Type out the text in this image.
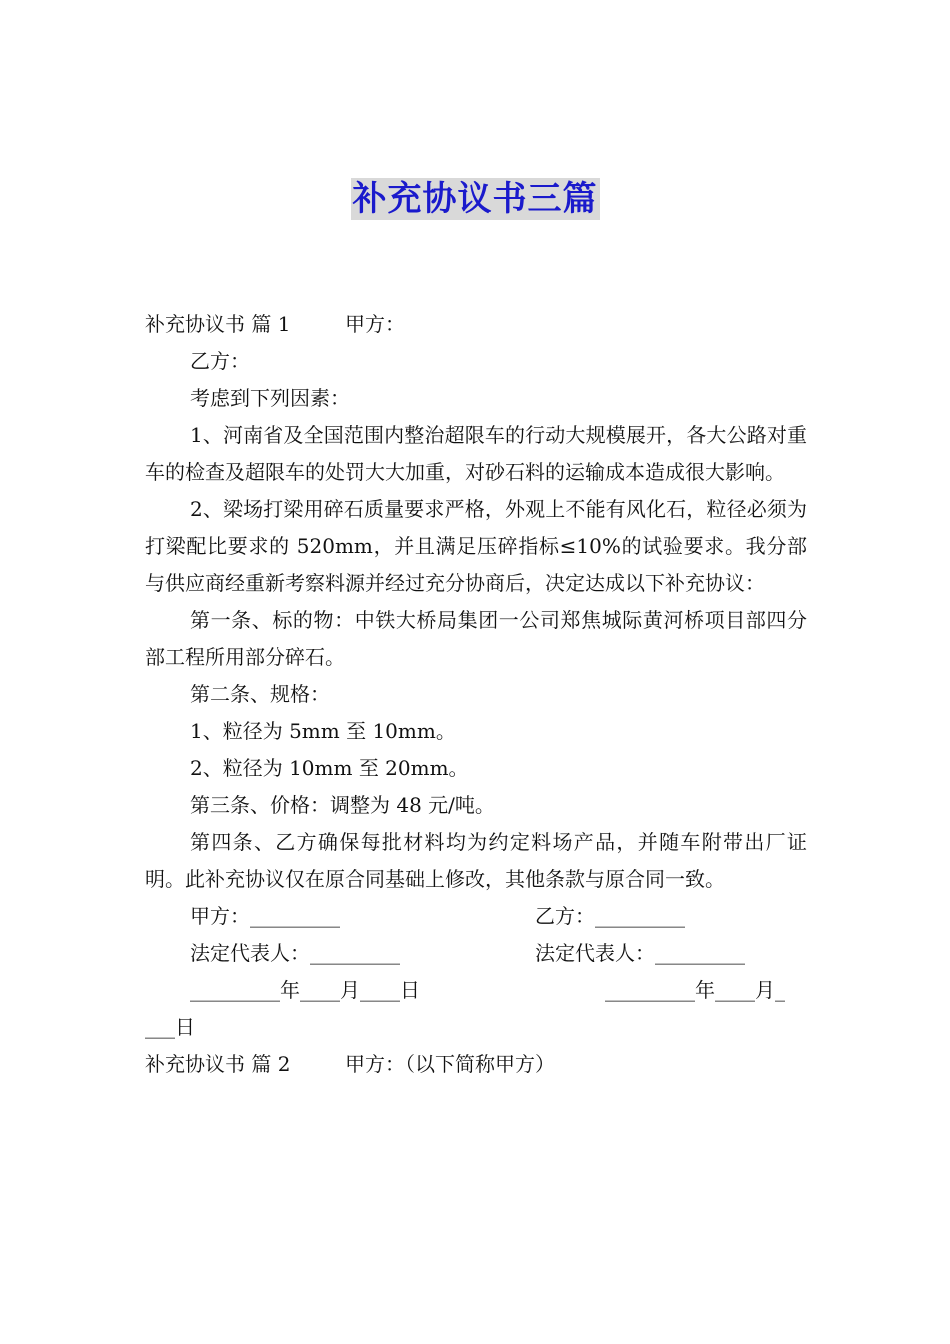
补充协议书三篇
补充协议书 篇 1	甲方：

乙方：

考虑到下列因素：

1、河南省及全国范围内整治超限车的行动大规模展开，各大公路对重车的检查及超限车的处罚大大加重，对砂石料的运输成本造成很大影响。

2、梁场打梁用碎石质量要求严格，外观上不能有风化石，粒径必须为打梁配比要求的 520mm，并且满足压碎指标≤10%的试验要求。我分部与供应商经重新考察料源并经过充分协商后，决定达成以下补充协议：

第一条、标的物：中铁大桥局集团一公司郑焦城际黄河桥项目部四分部工程所用部分碎石。

第二条、规格：

1、粒径为 5mm 至 10mm。

2、粒径为 10mm 至 20mm。

第三条、价格：调整为 48 元/吨。

第四条、乙方确保每批材料均为约定料场产品，并随车附带出厂证明。此补充协议仅在原合同基础上修改，其他条款与原合同一致。

甲方：_________	乙方：_________
法定代表人：_________	法定代表人：_________
_________年____月____日	_________年____月_

___日

补充协议书 篇 2	甲方：（以下简称甲方）
